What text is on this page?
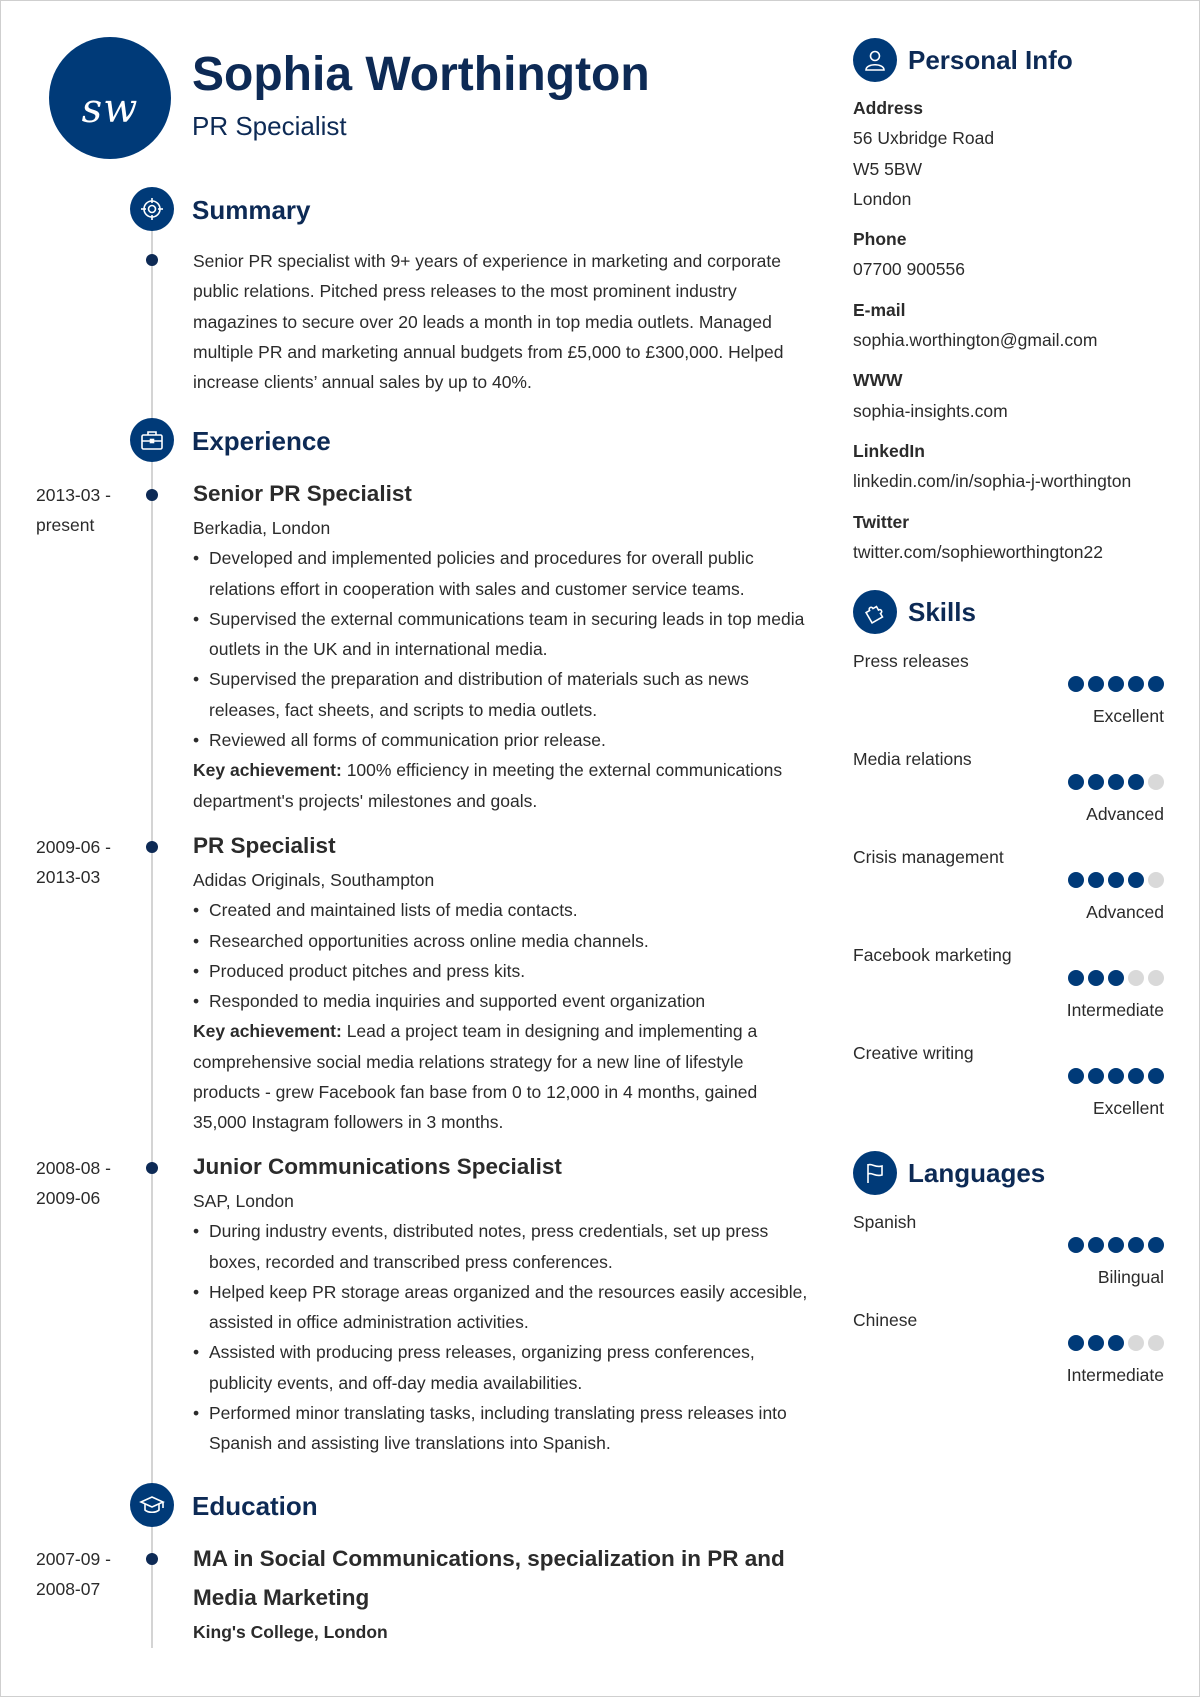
sw
Sophia Worthington
PR Specialist
Summary
Senior PR specialist with 9+ years of experience in marketing and corporate public relations. Pitched press releases to the most prominent industry magazines to secure over 20 leads a month in top media outlets. Managed multiple PR and marketing annual budgets from £5,000 to £300,000. Helped increase clients’ annual sales by up to 40%.
Experience
2013-03 -
present
Senior PR Specialist
Berkadia, London
• Developed and implemented policies and procedures for overall public relations effort in cooperation with sales and customer service teams.
• Supervised the external communications team in securing leads in top media outlets in the UK and in international media.
• Supervised the preparation and distribution of materials such as news releases, fact sheets, and scripts to media outlets.
• Reviewed all forms of communication prior release.
Key achievement: 100% efficiency in meeting the external communications department's projects' milestones and goals.
2009-06 -
2013-03
PR Specialist
Adidas Originals, Southampton
• Created and maintained lists of media contacts.
• Researched opportunities across online media channels.
• Produced product pitches and press kits.
• Responded to media inquiries and supported event organization
Key achievement: Lead a project team in designing and implementing a comprehensive social media relations strategy for a new line of lifestyle products - grew Facebook fan base from 0 to 12,000 in 4 months, gained 35,000 Instagram followers in 3 months.
2008-08 -
2009-06
Junior Communications Specialist
SAP, London
• During industry events, distributed notes, press credentials, set up press boxes, recorded and transcribed press conferences.
• Helped keep PR storage areas organized and the resources easily accesible, assisted in office administration activities.
• Assisted with producing press releases, organizing press conferences, publicity events, and off-day media availabilities.
• Performed minor translating tasks, including translating press releases into Spanish and assisting live translations into Spanish.
Education
2007-09 -
2008-07
MA in Social Communications, specialization in PR and Media Marketing
King's College, London
Personal Info
Address
56 Uxbridge Road
W5 5BW
London
Phone
07700 900556
E-mail
sophia.worthington@gmail.com
WWW
sophia-insights.com
LinkedIn
linkedin.com/in/sophia-j-worthington
Twitter
twitter.com/sophieworthington22
Skills
Press releases
Excellent
Media relations
Advanced
Crisis management
Advanced
Facebook marketing
Intermediate
Creative writing
Excellent
Languages
Spanish
Bilingual
Chinese
Intermediate
